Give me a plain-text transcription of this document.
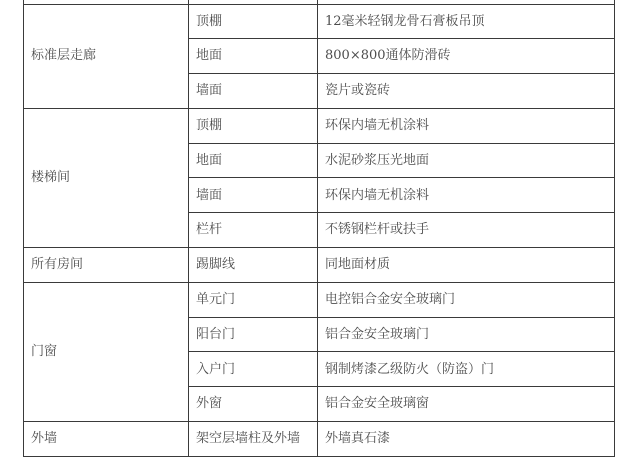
标准层走廊	顶棚	12毫米轻钢龙骨石膏板吊顶
	地面	800×800通体防滑砖
	墙面	瓷片或瓷砖
楼梯间	顶棚	环保内墙无机涂料
	地面	水泥砂浆压光地面
	墙面	环保内墙无机涂料
	栏杆	不锈钢栏杆或扶手
所有房间	踢脚线	同地面材质
门窗	单元门	电控铝合金安全玻璃门
	阳台门	铝合金安全玻璃门
	入户门	钢制烤漆乙级防火（防盗）门
	外窗	铝合金安全玻璃窗
外墙	架空层墙柱及外墙	外墙真石漆
